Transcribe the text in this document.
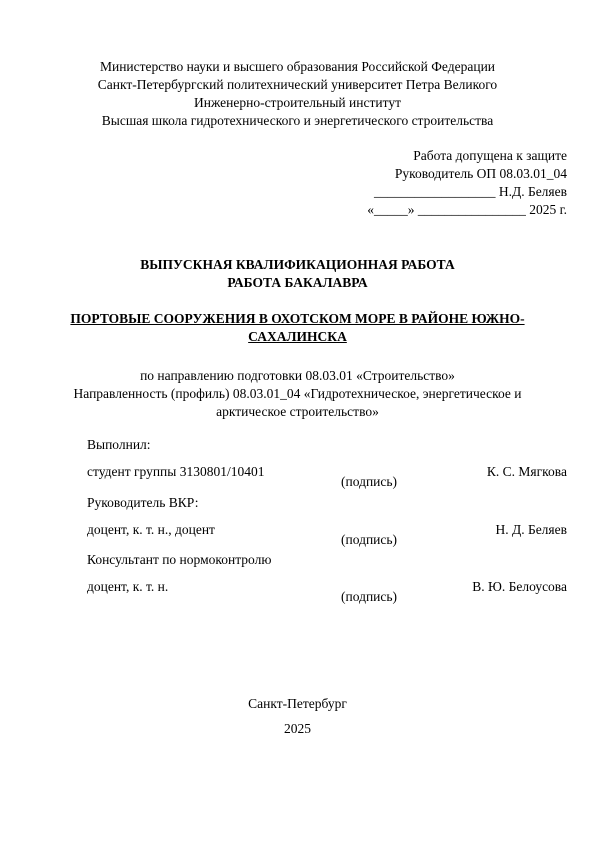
Министерство науки и высшего образования Российской Федерации
Санкт-Петербургский политехнический университет Петра Великого
Инженерно-строительный институт
Высшая школа гидротехнического и энергетического строительства
Работа допущена к защите
Руководитель ОП 08.03.01_04
__________________ Н.Д. Беляев
«_____» ________________ 2025 г.
ВЫПУСКНАЯ КВАЛИФИКАЦИОННАЯ РАБОТА
РАБОТА БАКАЛАВРА
ПОРТОВЫЕ СООРУЖЕНИЯ В ОХОТСКОМ МОРЕ В РАЙОНЕ ЮЖНО-САХАЛИНСКА
по направлению подготовки 08.03.01 «Строительство»
Направленность (профиль) 08.03.01_04 «Гидротехническое, энергетическое и арктическое строительство»
Выполнил:
студент группы 3130801/10401
(подпись)
К. С. Мягкова
Руководитель ВКР:
доцент, к. т. н., доцент
(подпись)
Н. Д. Беляев
Консультант по нормоконтролю
доцент, к. т. н.
(подпись)
В. Ю. Белоусова
Санкт-Петербург
2025
